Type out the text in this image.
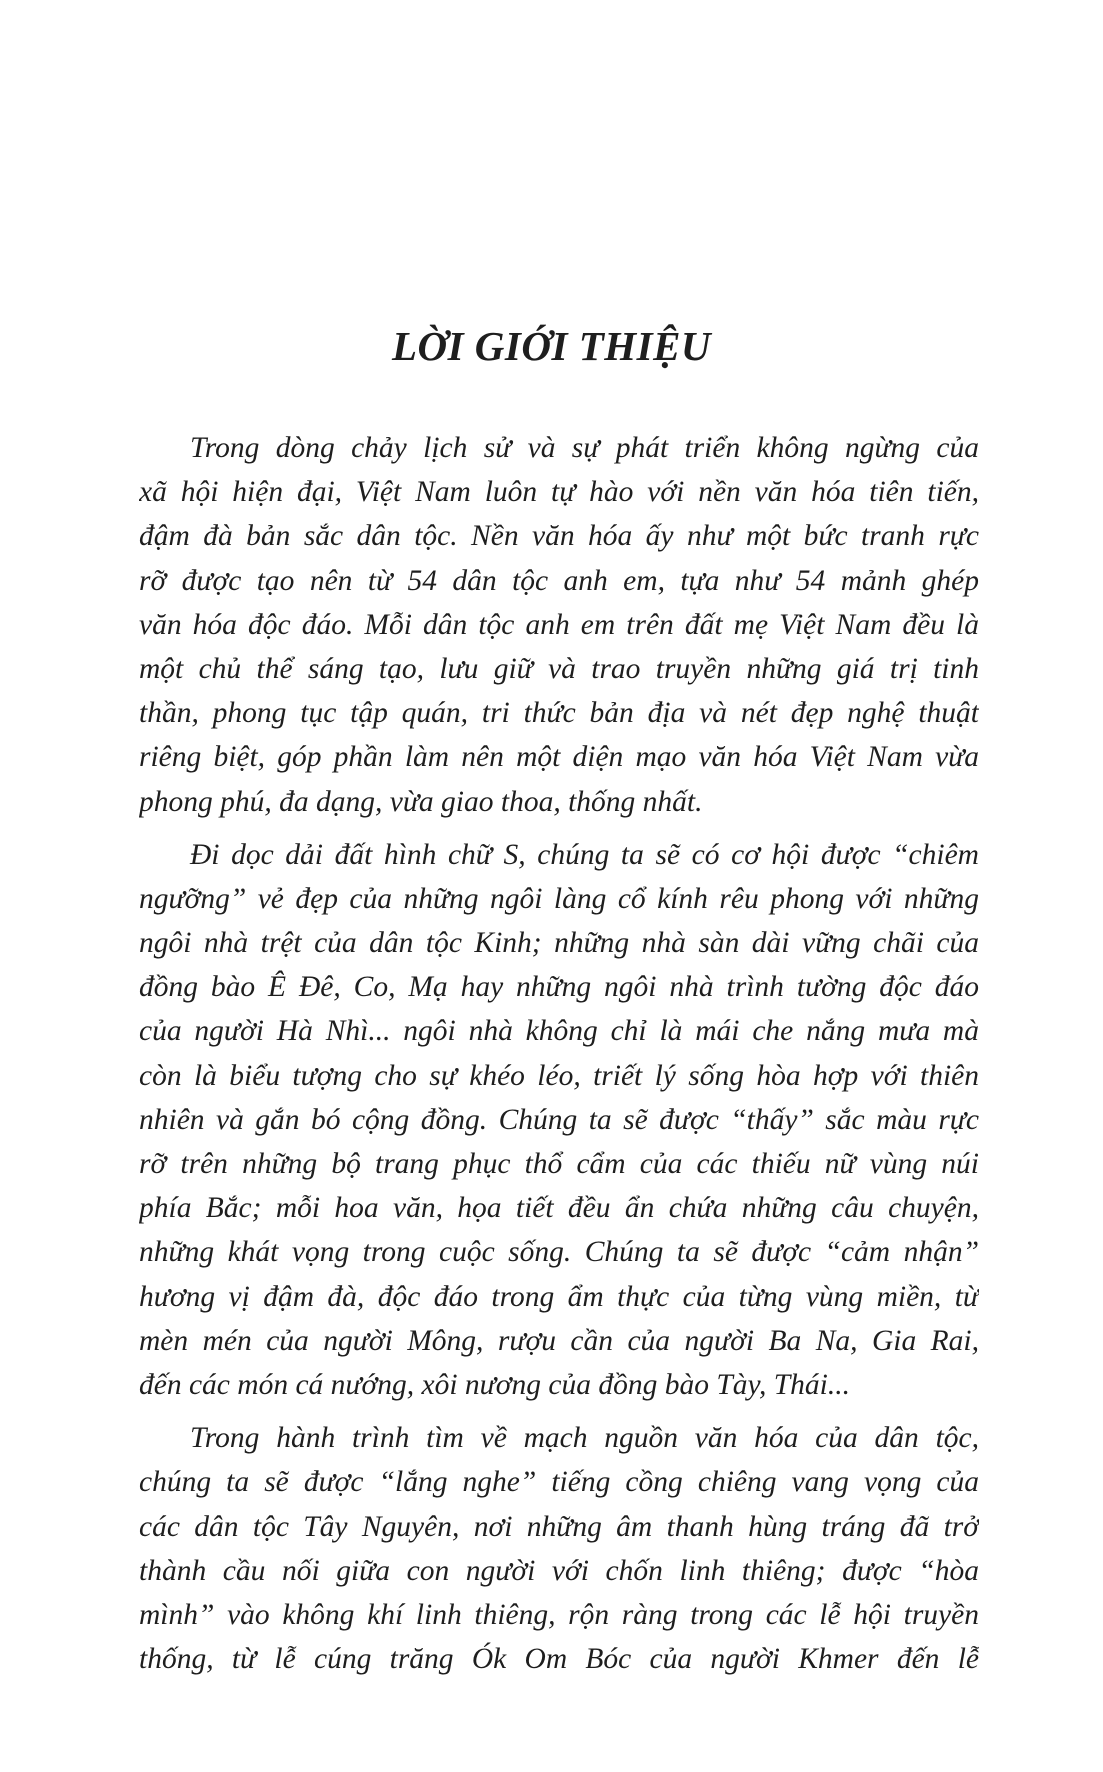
LỜI GIỚI THIỆU
Trong dòng chảy lịch sử và sự phát triển không ngừng của
xã hội hiện đại, Việt Nam luôn tự hào với nền văn hóa tiên tiến,
đậm đà bản sắc dân tộc. Nền văn hóa ấy như một bức tranh rực
rỡ được tạo nên từ 54 dân tộc anh em, tựa như 54 mảnh ghép
văn hóa độc đáo. Mỗi dân tộc anh em trên đất mẹ Việt Nam đều là
một chủ thể sáng tạo, lưu giữ và trao truyền những giá trị tinh
thần, phong tục tập quán, tri thức bản địa và nét đẹp nghệ thuật
riêng biệt, góp phần làm nên một diện mạo văn hóa Việt Nam vừa
phong phú, đa dạng, vừa giao thoa, thống nhất.
Đi dọc dải đất hình chữ S, chúng ta sẽ có cơ hội được “chiêm
ngưỡng” vẻ đẹp của những ngôi làng cổ kính rêu phong với những
ngôi nhà trệt của dân tộc Kinh; những nhà sàn dài vững chãi của
đồng bào Ê Đê, Co, Mạ hay những ngôi nhà trình tường độc đáo
của người Hà Nhì... ngôi nhà không chỉ là mái che nắng mưa mà
còn là biểu tượng cho sự khéo léo, triết lý sống hòa hợp với thiên
nhiên và gắn bó cộng đồng. Chúng ta sẽ được “thấy” sắc màu rực
rỡ trên những bộ trang phục thổ cẩm của các thiếu nữ vùng núi
phía Bắc; mỗi hoa văn, họa tiết đều ẩn chứa những câu chuyện,
những khát vọng trong cuộc sống. Chúng ta sẽ được “cảm nhận”
hương vị đậm đà, độc đáo trong ẩm thực của từng vùng miền, từ
mèn mén của người Mông, rượu cần của người Ba Na, Gia Rai,
đến các món cá nướng, xôi nương của đồng bào Tày, Thái...
Trong hành trình tìm về mạch nguồn văn hóa của dân tộc,
chúng ta sẽ được “lắng nghe” tiếng cồng chiêng vang vọng của
các dân tộc Tây Nguyên, nơi những âm thanh hùng tráng đã trở
thành cầu nối giữa con người với chốn linh thiêng; được “hòa
mình” vào không khí linh thiêng, rộn ràng trong các lễ hội truyền
thống, từ lễ cúng trăng Ók Om Bóc của người Khmer đến lễ
